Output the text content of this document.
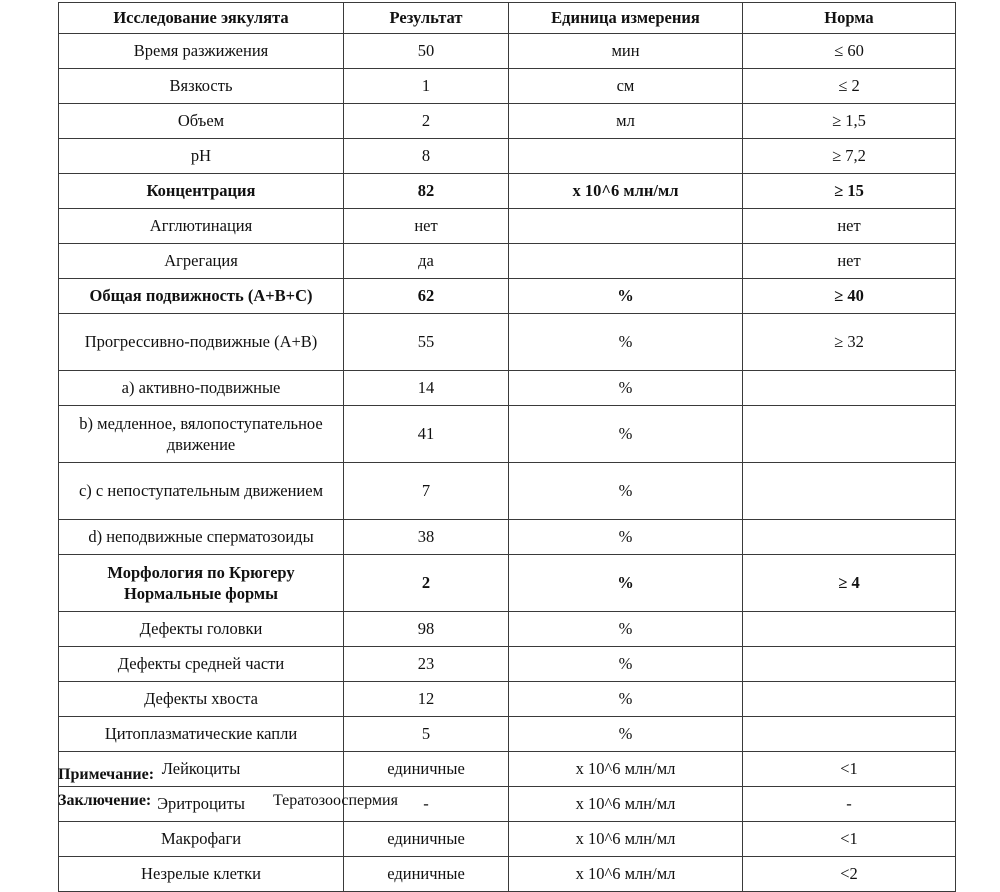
Исследование эякулята	Результат	Единица измерения	Норма
Время разжижения	50	мин	≤ 60
Вязкость	1	см	≤ 2
Объем	2	мл	≥ 1,5
pH	8		≥ 7,2
Концентрация	82	х 10^6 млн/мл	≥ 15
Агглютинация	нет		нет
Агрегация	да		нет
Общая подвижность (А+В+С)	62	%	≥ 40
Прогрессивно-подвижные (А+В)	55	%	≥ 32
a) активно-подвижные	14	%	
b) медленное, вялопоступательное движение	41	%	
c) с непоступательным движением	7	%	
d) неподвижные сперматозоиды	38	%	
Морфология по Крюгеру Нормальные формы	2	%	≥ 4
Дефекты головки	98	%	
Дефекты средней части	23	%	
Дефекты хвоста	12	%	
Цитоплазматические капли	5	%	
Лейкоциты	единичные	х 10^6 млн/мл	<1
Эритроциты	-	х 10^6 млн/мл	-
Макрофаги	единичные	х 10^6 млн/мл	<1
Незрелые клетки	единичные	х 10^6 млн/мл	<2
Примечание:
Заключение:	Тератозооспермия
